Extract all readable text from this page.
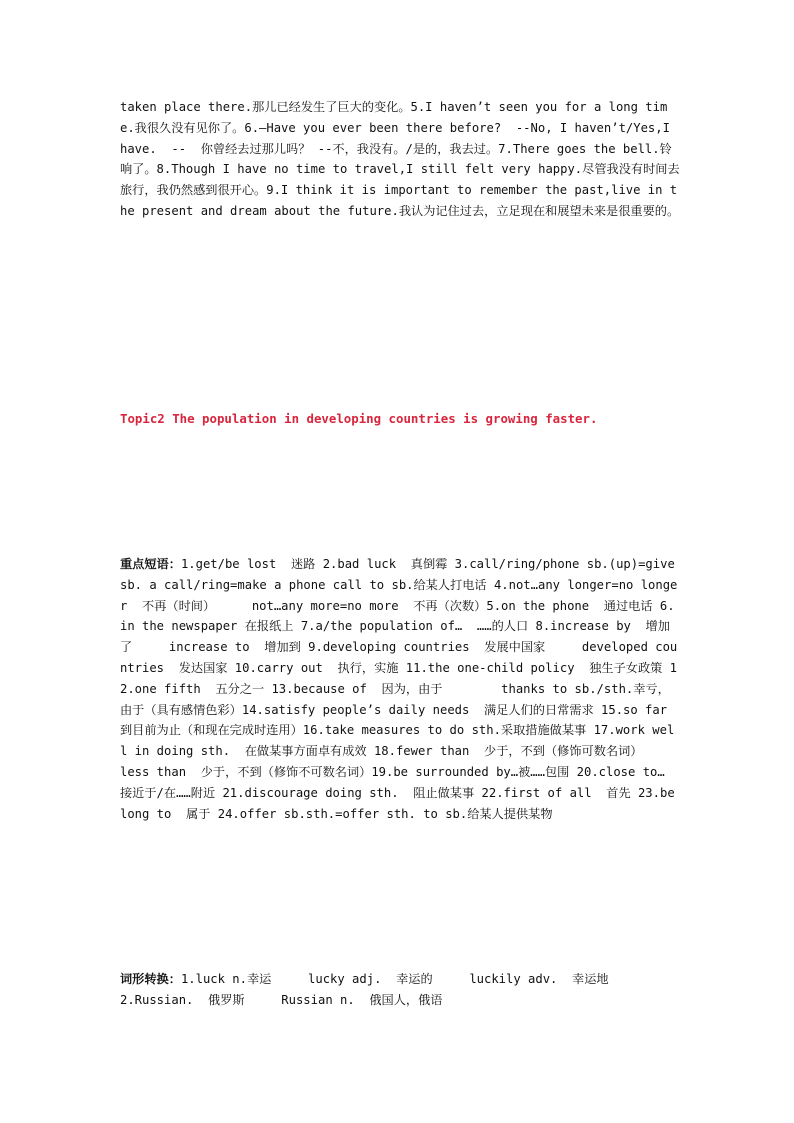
taken place there.那儿已经发生了巨大的变化。5.I haven’t seen you for a long time.我很久没有见你了。6.—Have you ever been there before?  --No, I haven’t/Yes,I have.  --  你曾经去过那儿吗？ --不，我没有。/是的，我去过。7.There goes the bell.铃响了。8.Though I have no time to travel,I still felt very happy.尽管我没有时间去旅行，我仍然感到很开心。9.I think it is important to remember the past,live in the present and dream about the future.我认为记住过去，立足现在和展望未来是很重要的。
Topic2 The population in developing countries is growing faster.
重点短语：1.get/be lost  迷路 2.bad luck  真倒霉 3.call/ring/phone sb.(up)=give sb. a call/ring=make a phone call to sb.给某人打电话 4.not…any longer=no longer  不再（时间）     not…any more=no more  不再（次数）5.on the phone  通过电话 6.in the newspaper 在报纸上 7.a/the population of…  ……的人口 8.increase by  增加了     increase to  增加到 9.developing countries  发展中国家     developed countries  发达国家 10.carry out  执行，实施 11.the one-child policy  独生子女政策 12.one fifth  五分之一 13.because of  因为，由于        thanks to sb./sth.幸亏，由于（具有感情色彩）14.satisfy people’s daily needs  满足人们的日常需求 15.so far  到目前为止（和现在完成时连用）16.take measures to do sth.采取措施做某事 17.work well in doing sth.  在做某事方面卓有成效 18.fewer than  少于，不到（修饰可数名词）        less than  少于，不到（修饰不可数名词）19.be surrounded by…被……包围 20.close to…  接近于/在……附近 21.discourage doing sth.  阻止做某事 22.first of all  首先 23.belong to  属于 24.offer sb.sth.=offer sth. to sb.给某人提供某物
词形转换：1.luck n.幸运     lucky adj.  幸运的     luckily adv.  幸运地
2.Russian.  俄罗斯     Russian n.  俄国人，俄语
